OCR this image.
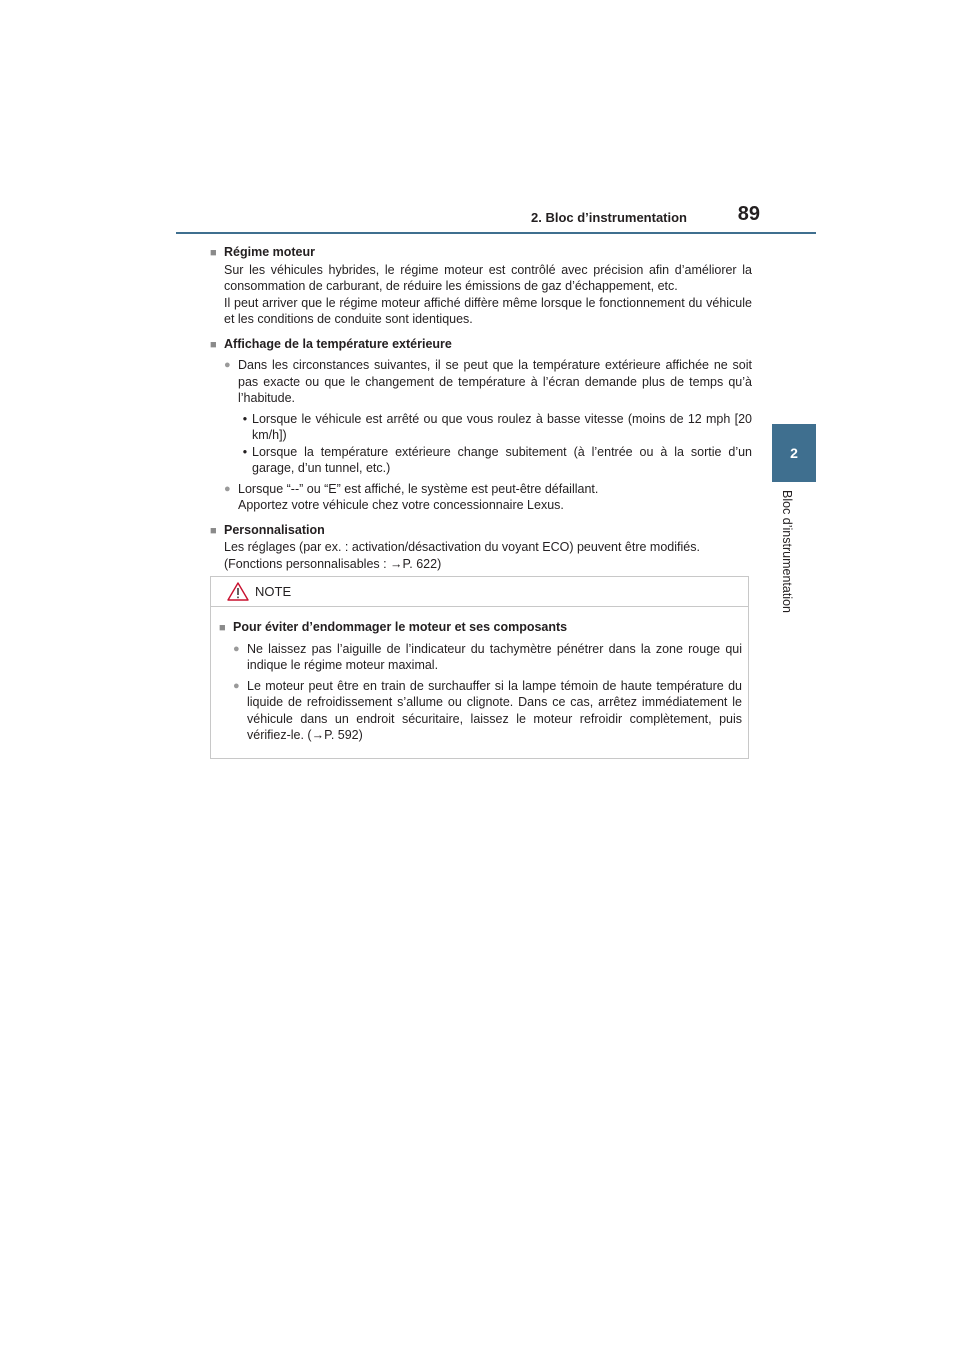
2. Bloc d’instrumentation	89
2
Bloc d’instrumentation
■ Régime moteur
Sur les véhicules hybrides, le régime moteur est contrôlé avec précision afin d’améliorer la consommation de carburant, de réduire les émissions de gaz d’échappement, etc.
Il peut arriver que le régime moteur affiché diffère même lorsque le fonctionnement du véhicule et les conditions de conduite sont identiques.
■ Affichage de la température extérieure
● Dans les circonstances suivantes, il se peut que la température extérieure affichée ne soit pas exacte ou que le changement de température à l’écran demande plus de temps qu’à l’habitude.
• Lorsque le véhicule est arrêté ou que vous roulez à basse vitesse (moins de 12 mph [20 km/h])
• Lorsque la température extérieure change subitement (à l’entrée ou à la sortie d’un garage, d’un tunnel, etc.)
● Lorsque “--” ou “E” est affiché, le système est peut-être défaillant.
Apportez votre véhicule chez votre concessionnaire Lexus.
■ Personnalisation
Les réglages (par ex. : activation/désactivation du voyant ECO) peuvent être modifiés.
(Fonctions personnalisables : →P. 622)
NOTE
■ Pour éviter d’endommager le moteur et ses composants
● Ne laissez pas l’aiguille de l’indicateur du tachymètre pénétrer dans la zone rouge qui indique le régime moteur maximal.
● Le moteur peut être en train de surchauffer si la lampe témoin de haute température du liquide de refroidissement s’allume ou clignote. Dans ce cas, arrêtez immédiatement le véhicule dans un endroit sécuritaire, laissez le moteur refroidir complètement, puis vérifiez-le. (→P. 592)
